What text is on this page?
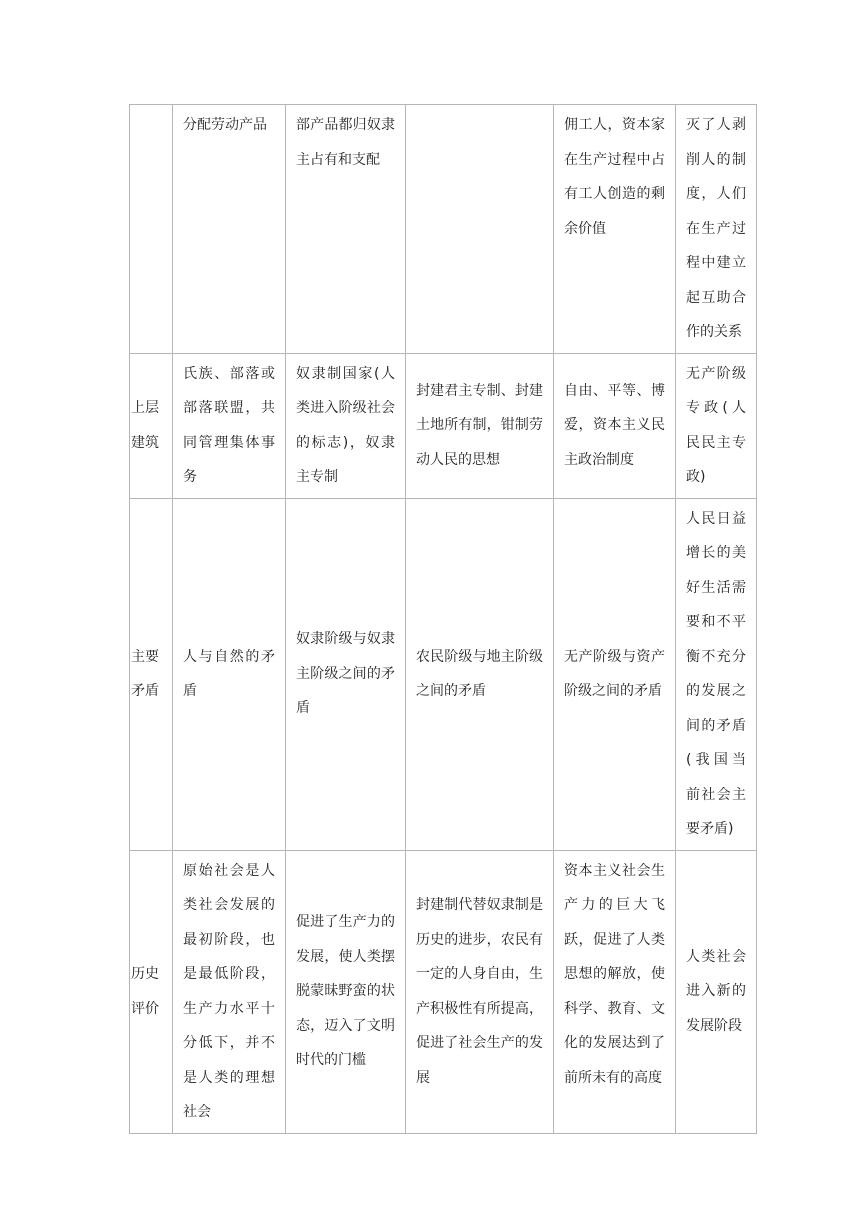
	分配劳动产品	部产品都归奴隶主占有和支配		佣工人，资本家在生产过程中占有工人创造的剩余价值	灭了人剥削人的制度，人们在生产过程中建立起互助合作的关系
上层建筑	氏族、部落或部落联盟，共同管理集体事务	奴隶制国家(人类进入阶级社会的标志)，奴隶主专制	封建君主专制、封建土地所有制，钳制劳动人民的思想	自由、平等、博爱，资本主义民主政治制度	无产阶级专政(人民民主专政)
主要矛盾	人与自然的矛盾	奴隶阶级与奴隶主阶级之间的矛盾	农民阶级与地主阶级之间的矛盾	无产阶级与资产阶级之间的矛盾	人民日益增长的美好生活需要和不平衡不充分的发展之间的矛盾(我国当前社会主要矛盾)
历史评价	原始社会是人类社会发展的最初阶段，也是最低阶段，生产力水平十分低下，并不是人类的理想社会	促进了生产力的发展，使人类摆脱蒙昧野蛮的状态，迈入了文明时代的门槛	封建制代替奴隶制是历史的进步，农民有一定的人身自由，生产积极性有所提高，促进了社会生产的发展	资本主义社会生产力的巨大飞跃，促进了人类思想的解放，使科学、教育、文化的发展达到了前所未有的高度	人类社会进入新的发展阶段
